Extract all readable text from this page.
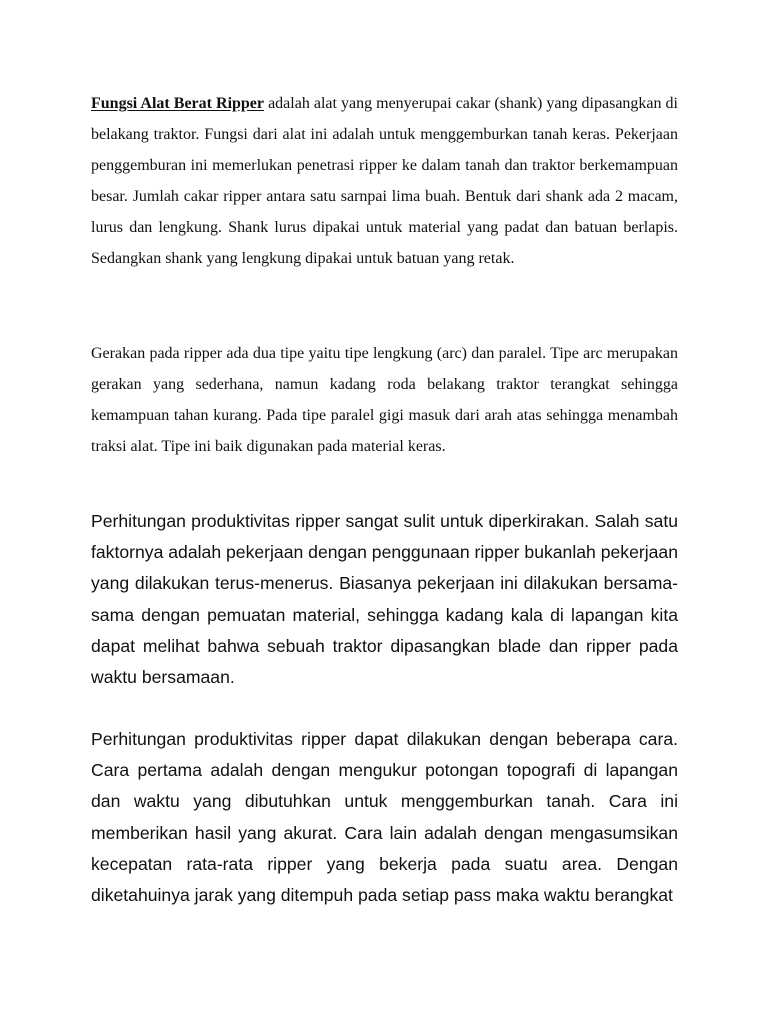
Fungsi Alat Berat Ripper adalah alat yang menyerupai cakar (shank) yang dipasangkan di belakang traktor. Fungsi dari alat ini adalah untuk menggemburkan tanah keras. Pekerjaan penggemburan ini memerlukan penetrasi ripper ke dalam tanah dan traktor berkemampuan besar. Jumlah cakar ripper antara satu sarnpai lima buah. Bentuk dari shank ada 2 macam, lurus dan lengkung. Shank lurus dipakai untuk material yang padat dan batuan berlapis. Sedangkan shank yang lengkung dipakai untuk batuan yang retak.

Gerakan pada ripper ada dua tipe yaitu tipe lengkung (arc) dan paralel. Tipe arc merupakan gerakan yang sederhana, namun kadang roda belakang traktor terangkat sehingga kemampuan tahan kurang. Pada tipe paralel gigi masuk dari arah atas sehingga menambah traksi alat. Tipe ini baik digunakan pada material keras.

Perhitungan produktivitas ripper sangat sulit untuk diperkirakan. Salah satu faktornya adalah pekerjaan dengan penggunaan ripper bukanlah pekerjaan yang dilakukan terus-menerus. Biasanya pekerjaan ini dilakukan bersama-sama dengan pemuatan material, sehingga kadang kala di lapangan kita dapat melihat bahwa sebuah traktor dipasangkan blade dan ripper pada waktu bersamaan.

Perhitungan produktivitas ripper dapat dilakukan dengan beberapa cara. Cara pertama adalah dengan mengukur potongan topografi di lapangan dan waktu yang dibutuhkan untuk menggemburkan tanah. Cara ini memberikan hasil yang akurat. Cara lain adalah dengan mengasumsikan kecepatan rata-rata ripper yang bekerja pada suatu area. Dengan diketahuinya jarak yang ditempuh pada setiap pass maka waktu berangkat
